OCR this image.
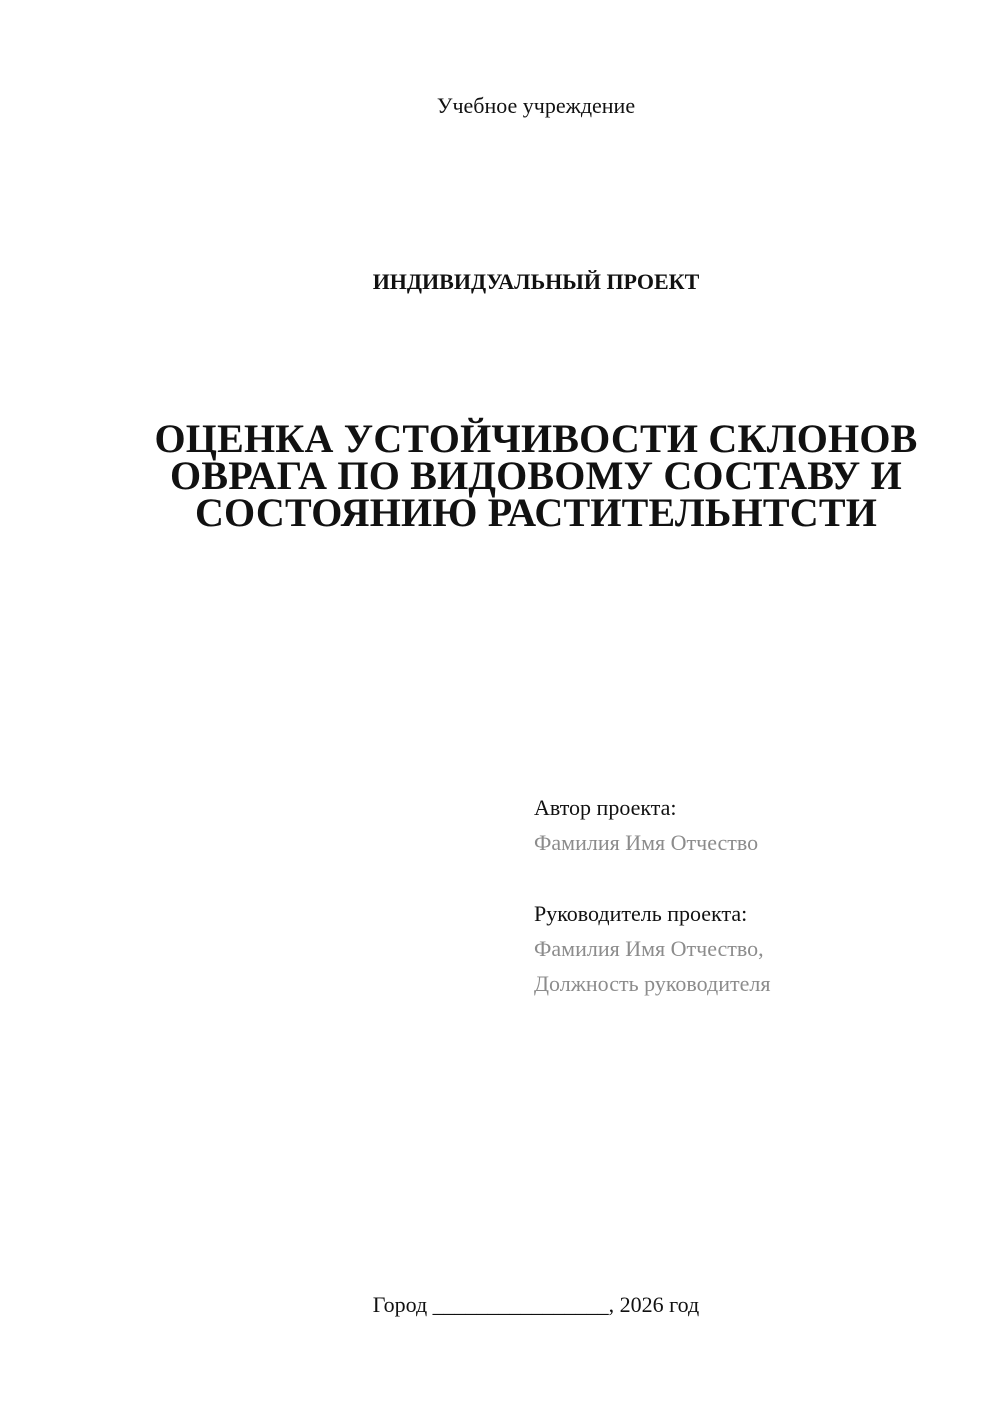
Учебное учреждение
ИНДИВИДУАЛЬНЫЙ ПРОЕКТ
ОЦЕНКА УСТОЙЧИВОСТИ СКЛОНОВ
ОВРАГА ПО ВИДОВОМУ СОСТАВУ И
СОСТОЯНИЮ РАСТИТЕЛЬНТСТИ
Автор проекта:
Фамилия Имя Отчество
Руководитель проекта:
Фамилия Имя Отчество,
Должность руководителя
Город ________________, 2026 год
